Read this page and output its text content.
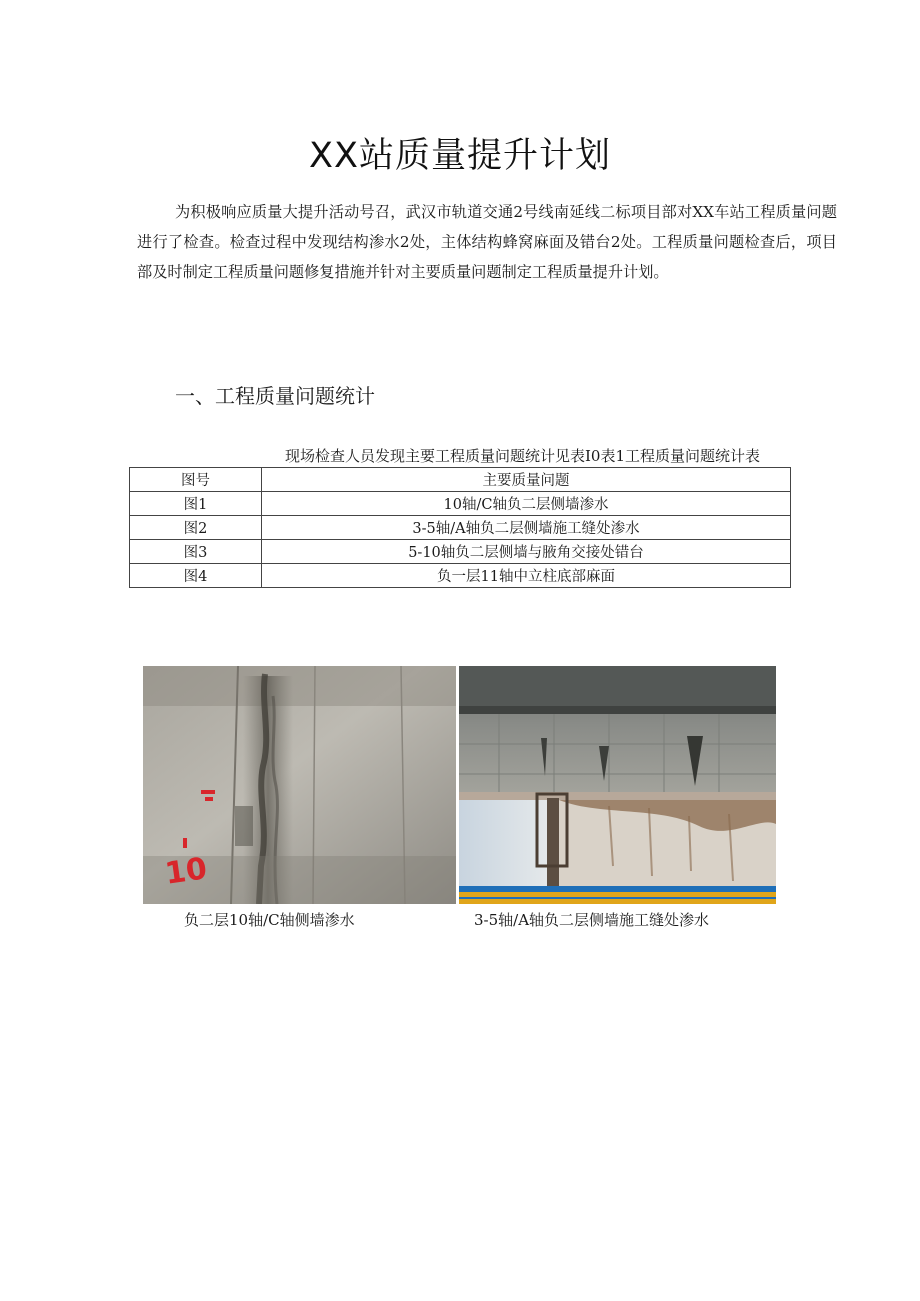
XX站质量提升计划

为积极响应质量大提升活动号召，武汉市轨道交通2号线南延线二标项目部对XX车站工程质量问题进行了检查。检查过程中发现结构渗水2处，主体结构蜂窝麻面及错台2处。工程质量问题检查后，项目部及时制定工程质量问题修复措施并针对主要质量问题制定工程质量提升计划。

一、工程质量问题统计
现场检查人员发现主要工程质量问题统计见表I0表1工程质量问题统计表
图号	主要质量问题
图1	10轴/C轴负二层侧墙渗水
图2	3-5轴/A轴负二层侧墙施工缝处渗水
图3	5-10轴负二层侧墙与腋角交接处错台
图4	负一层11轴中立柱底部麻面
10
负二层10轴/C轴侧墙渗水	3-5轴/A轴负二层侧墙施工缝处渗水
